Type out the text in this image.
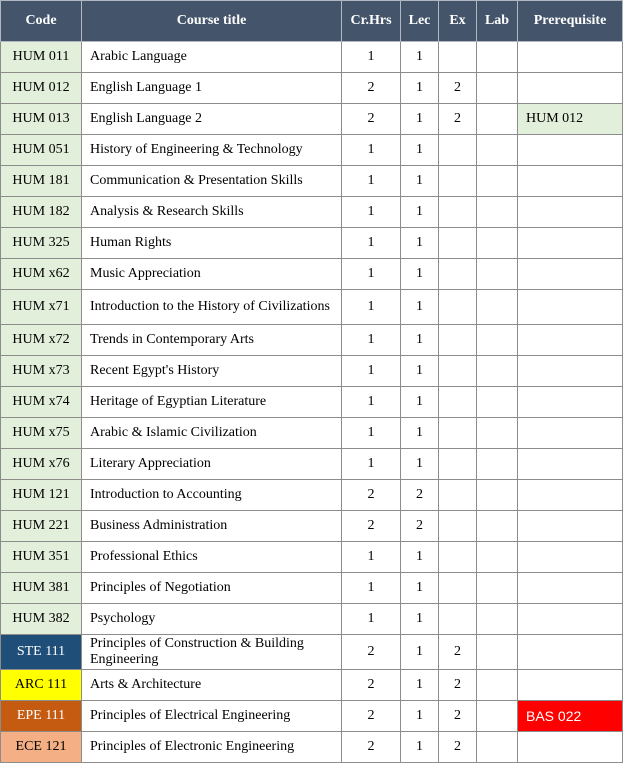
Code	Course title	Cr.Hrs	Lec	Ex	Lab	Prerequisite
HUM 011	Arabic Language	1	1			
HUM 012	English Language 1	2	1	2		
HUM 013	English Language 2	2	1	2		HUM 012
HUM 051	History of Engineering & Technology	1	1			
HUM 181	Communication & Presentation Skills	1	1			
HUM 182	Analysis & Research Skills	1	1			
HUM 325	Human Rights	1	1			
HUM x62	Music Appreciation	1	1			
HUM x71	Introduction to the History of Civilizations	1	1			
HUM x72	Trends in Contemporary Arts	1	1			
HUM x73	Recent Egypt's History	1	1			
HUM x74	Heritage of Egyptian Literature	1	1			
HUM x75	Arabic & Islamic Civilization	1	1			
HUM x76	Literary Appreciation	1	1			
HUM 121	Introduction to Accounting	2	2			
HUM 221	Business Administration	2	2			
HUM 351	Professional Ethics	1	1			
HUM 381	Principles of Negotiation	1	1			
HUM 382	Psychology	1	1			
STE 111	Principles of Construction & Building Engineering	2	1	2		
ARC 111	Arts & Architecture	2	1	2		
EPE 111	Principles of Electrical Engineering	2	1	2		BAS 022
ECE 121	Principles of Electronic Engineering	2	1	2		
